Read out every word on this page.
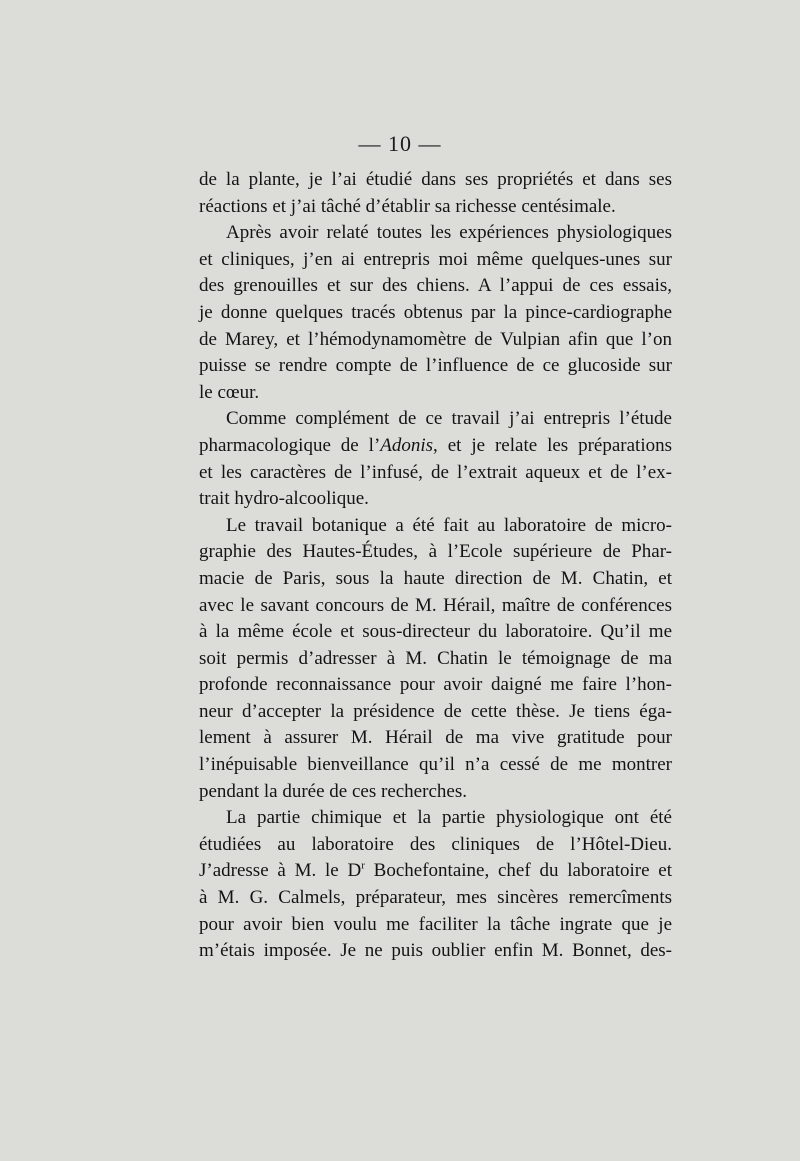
— 10 —
de la plante, je l’ai étudié dans ses propriétés et dans ses
réactions et j’ai tâché d’établir sa richesse centésimale.
Après avoir relaté toutes les expériences physiologiques
et cliniques, j’en ai entrepris moi même quelques-unes sur
des grenouilles et sur des chiens. A l’appui de ces essais,
je donne quelques tracés obtenus par la pince-cardiographe
de Marey, et l’hémodynamomètre de Vulpian afin que l’on
puisse se rendre compte de l’influence de ce glucoside sur
le cœur.
Comme complément de ce travail j’ai entrepris l’étude
pharmacologique de l’Adonis, et je relate les préparations
et les caractères de l’infusé, de l’extrait aqueux et de l’ex-
trait hydro-alcoolique.
Le travail botanique a été fait au laboratoire de micro-
graphie des Hautes-Études, à l’Ecole supérieure de Phar-
macie de Paris, sous la haute direction de M. Chatin, et
avec le savant concours de M. Hérail, maître de conférences
à la même école et sous-directeur du laboratoire. Qu’il me
soit permis d’adresser à M. Chatin le témoignage de ma
profonde reconnaissance pour avoir daigné me faire l’hon-
neur d’accepter la présidence de cette thèse. Je tiens éga-
lement à assurer M. Hérail de ma vive gratitude pour
l’inépuisable bienveillance qu’il n’a cessé de me montrer
pendant la durée de ces recherches.
La partie chimique et la partie physiologique ont été
étudiées au laboratoire des cliniques de l’Hôtel-Dieu.
J’adresse à M. le $D^r$ Bochefontaine, chef du laboratoire et
à M. G. Calmels, préparateur, mes sincères remercîments
pour avoir bien voulu me faciliter la tâche ingrate que je
m’étais imposée. Je ne puis oublier enfin M. Bonnet, des-
